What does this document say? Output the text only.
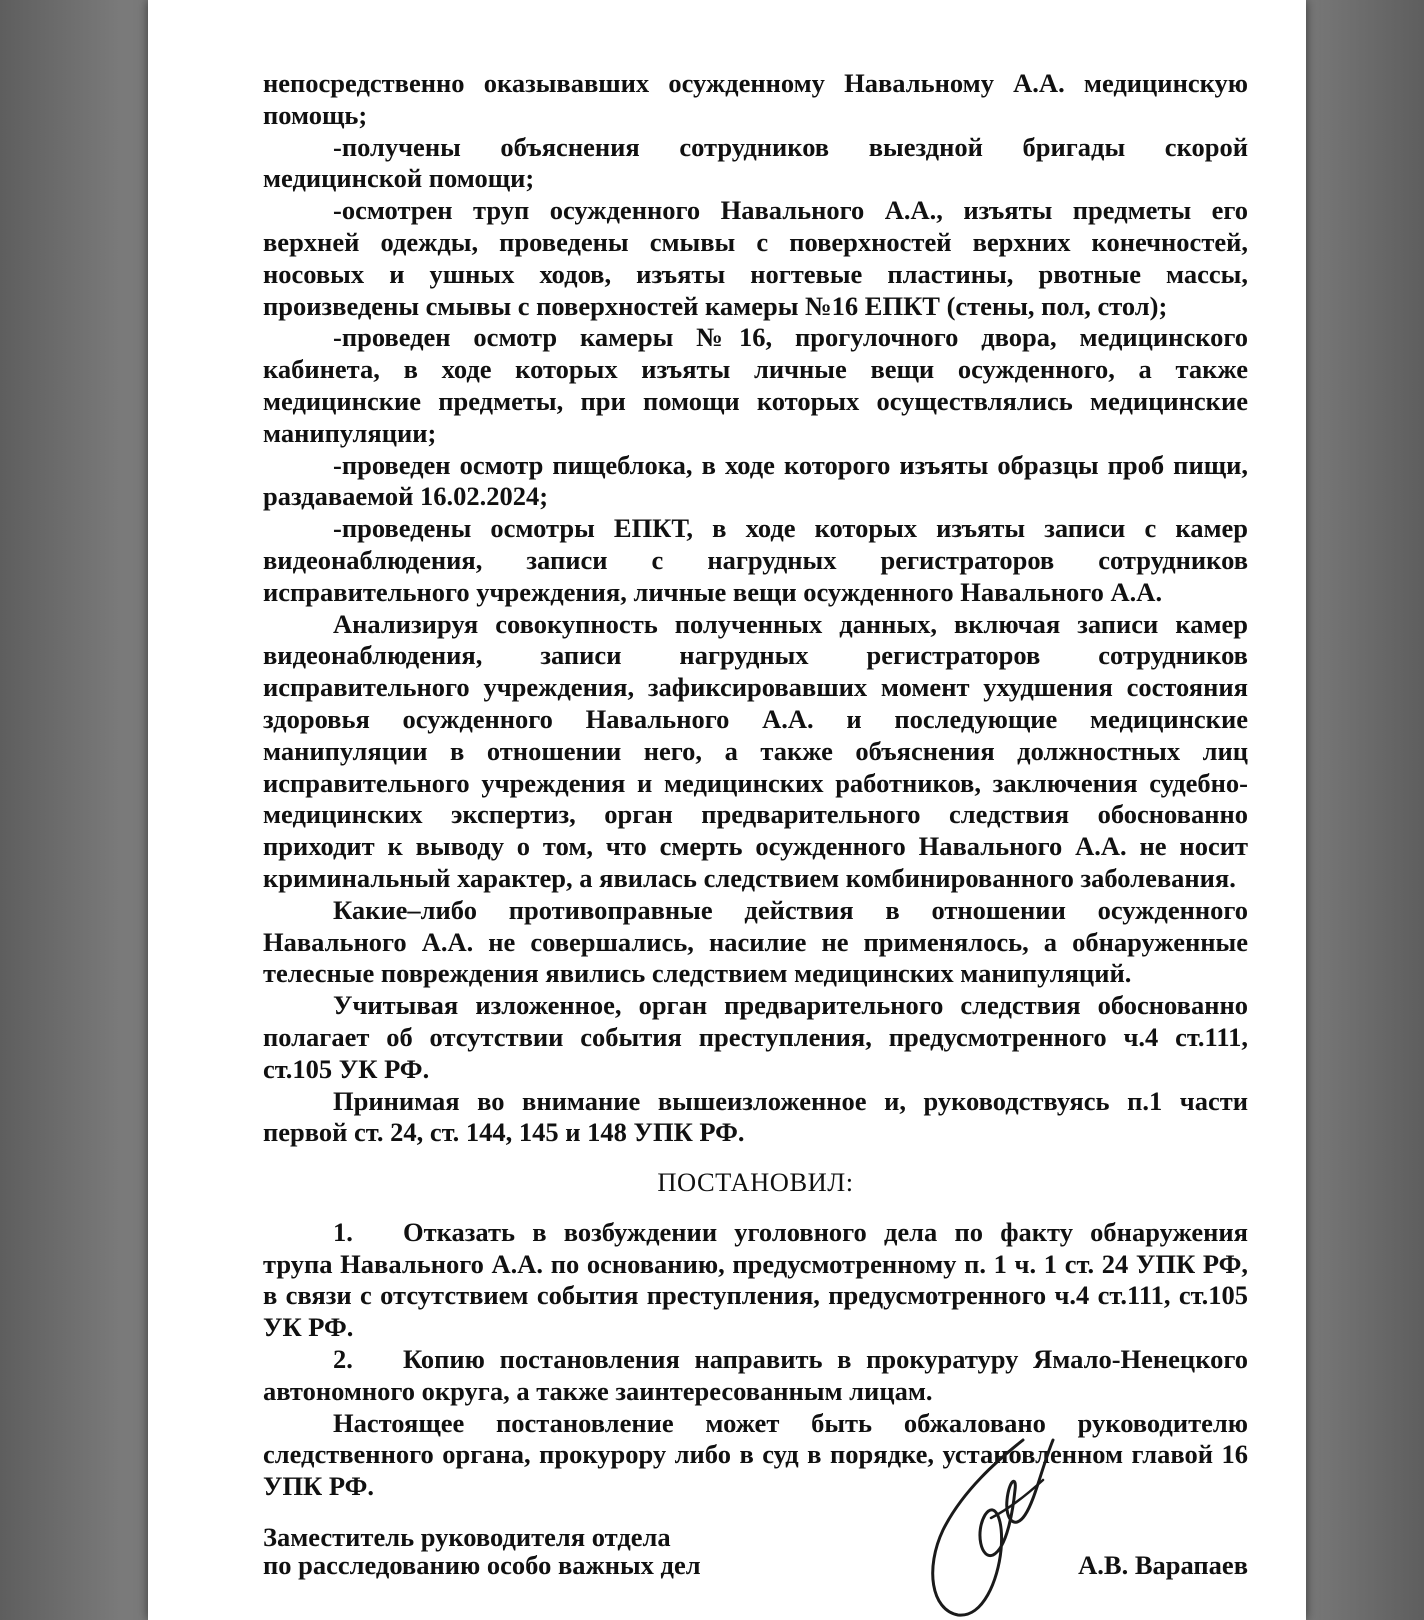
непосредственно оказывавших осужденному Навальному А.А. медицинскую помощь;

-получены объяснения сотрудников выездной бригады скорой медицинской помощи;

-осмотрен труп осужденного Навального А.А., изъяты предметы его верхней одежды, проведены смывы с поверхностей верхних конечностей, носовых и ушных ходов, изъяты ногтевые пластины, рвотные массы, произведены смывы с поверхностей камеры №16 ЕПКТ (стены, пол, стол);

-проведен осмотр камеры №16, прогулочного двора, медицинского кабинета, в ходе которых изъяты личные вещи осужденного, а также медицинские предметы, при помощи которых осуществлялись медицинские манипуляции;

-проведен осмотр пищеблока, в ходе которого изъяты образцы проб пищи, раздаваемой 16.02.2024;

-проведены осмотры ЕПКТ, в ходе которых изъяты записи с камер видеонаблюдения, записи с нагрудных регистраторов сотрудников исправительного учреждения, личные вещи осужденного Навального А.А.

Анализируя совокупность полученных данных, включая записи камер видеонаблюдения, записи нагрудных регистраторов сотрудников исправительного учреждения, зафиксировавших момент ухудшения состояния здоровья осужденного Навального А.А. и последующие медицинские манипуляции в отношении него, а также объяснения должностных лиц исправительного учреждения и медицинских работников, заключения судебно-медицинских экспертиз, орган предварительного следствия обоснованно приходит к выводу о том, что смерть осужденного Навального А.А. не носит криминальный характер, а явилась следствием комбинированного заболевания.

Какие–либо противоправные действия в отношении осужденного Навального А.А. не совершались, насилие не применялось, а обнаруженные телесные повреждения явились следствием медицинских манипуляций.

Учитывая изложенное, орган предварительного следствия обоснованно полагает об отсутствии события преступления, предусмотренного ч.4 ст.111, ст.105 УК РФ.

Принимая во внимание вышеизложенное и, руководствуясь п.1 части первой ст. 24, ст. 144, 145 и 148 УПК РФ.

ПОСТАНОВИЛ:

1. Отказать в возбуждении уголовного дела по факту обнаружения трупа Навального А.А. по основанию, предусмотренному п. 1 ч. 1 ст. 24 УПК РФ, в связи с отсутствием события преступления, предусмотренного ч.4 ст.111, ст.105 УК РФ.

2. Копию постановления направить в прокуратуру Ямало-Ненецкого автономного округа, а также заинтересованным лицам.

Настоящее постановление может быть обжаловано руководителю следственного органа, прокурору либо в суд в порядке, установленном главой 16 УПК РФ.

Заместитель руководителя отдела
по расследованию особо важных дел	А.В. Варапаев
